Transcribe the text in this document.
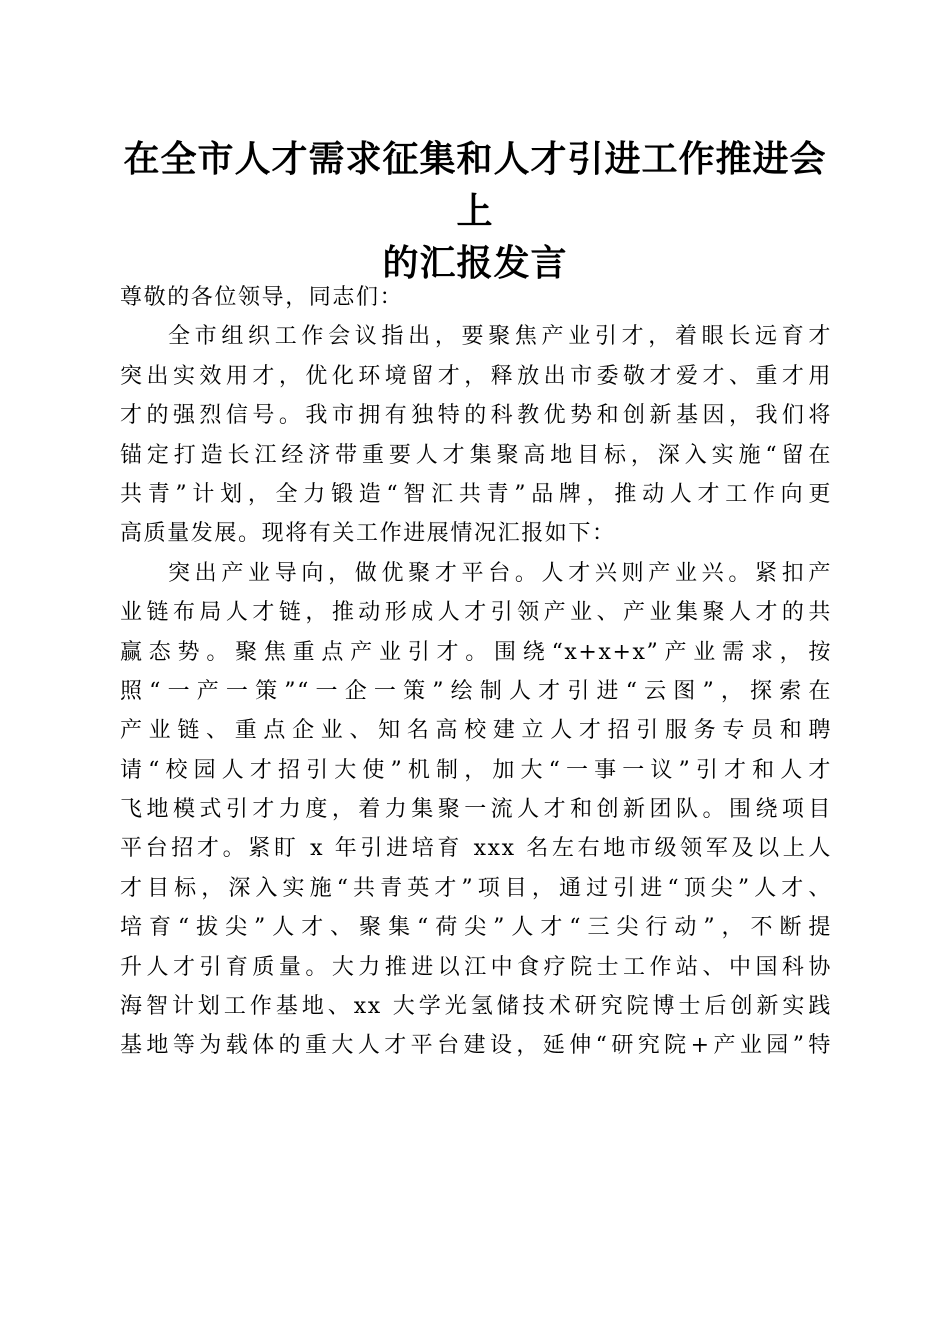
在全市人才需求征集和人才引进工作推进会上
的汇报发言
尊敬的各位领导，同志们：
全市组织工作会议指出，要聚焦产业引才，着眼长远育才
突出实效用才，优化环境留才，释放出市委敬才爱才、重才用
才的强烈信号。我市拥有独特的科教优势和创新基因，我们将
锚定打造长江经济带重要人才集聚高地目标，深入实施“留在
共青”计划，全力锻造“智汇共青”品牌，推动人才工作向更
高质量发展。现将有关工作进展情况汇报如下：
突出产业导向，做优聚才平台。人才兴则产业兴。紧扣产
业链布局人才链，推动形成人才引领产业、产业集聚人才的共
赢态势。聚焦重点产业引才。围绕“x+x+x”产业需求，按
照“一产一策”“一企一策”绘制人才引进“云图”，探索在
产业链、重点企业、知名高校建立人才招引服务专员和聘
请“校园人才招引大使”机制，加大“一事一议”引才和人才
飞地模式引才力度，着力集聚一流人才和创新团队。围绕项目
平台招才。紧盯 x 年引进培育 xxx 名左右地市级领军及以上人
才目标，深入实施“共青英才”项目，通过引进“顶尖”人才、
培育“拔尖”人才、聚集“荷尖”人才“三尖行动”，不断提
升人才引育质量。大力推进以江中食疗院士工作站、中国科协
海智计划工作基地、xx 大学光氢储技术研究院博士后创新实践
基地等为载体的重大人才平台建设，延伸“研究院+产业园”特
